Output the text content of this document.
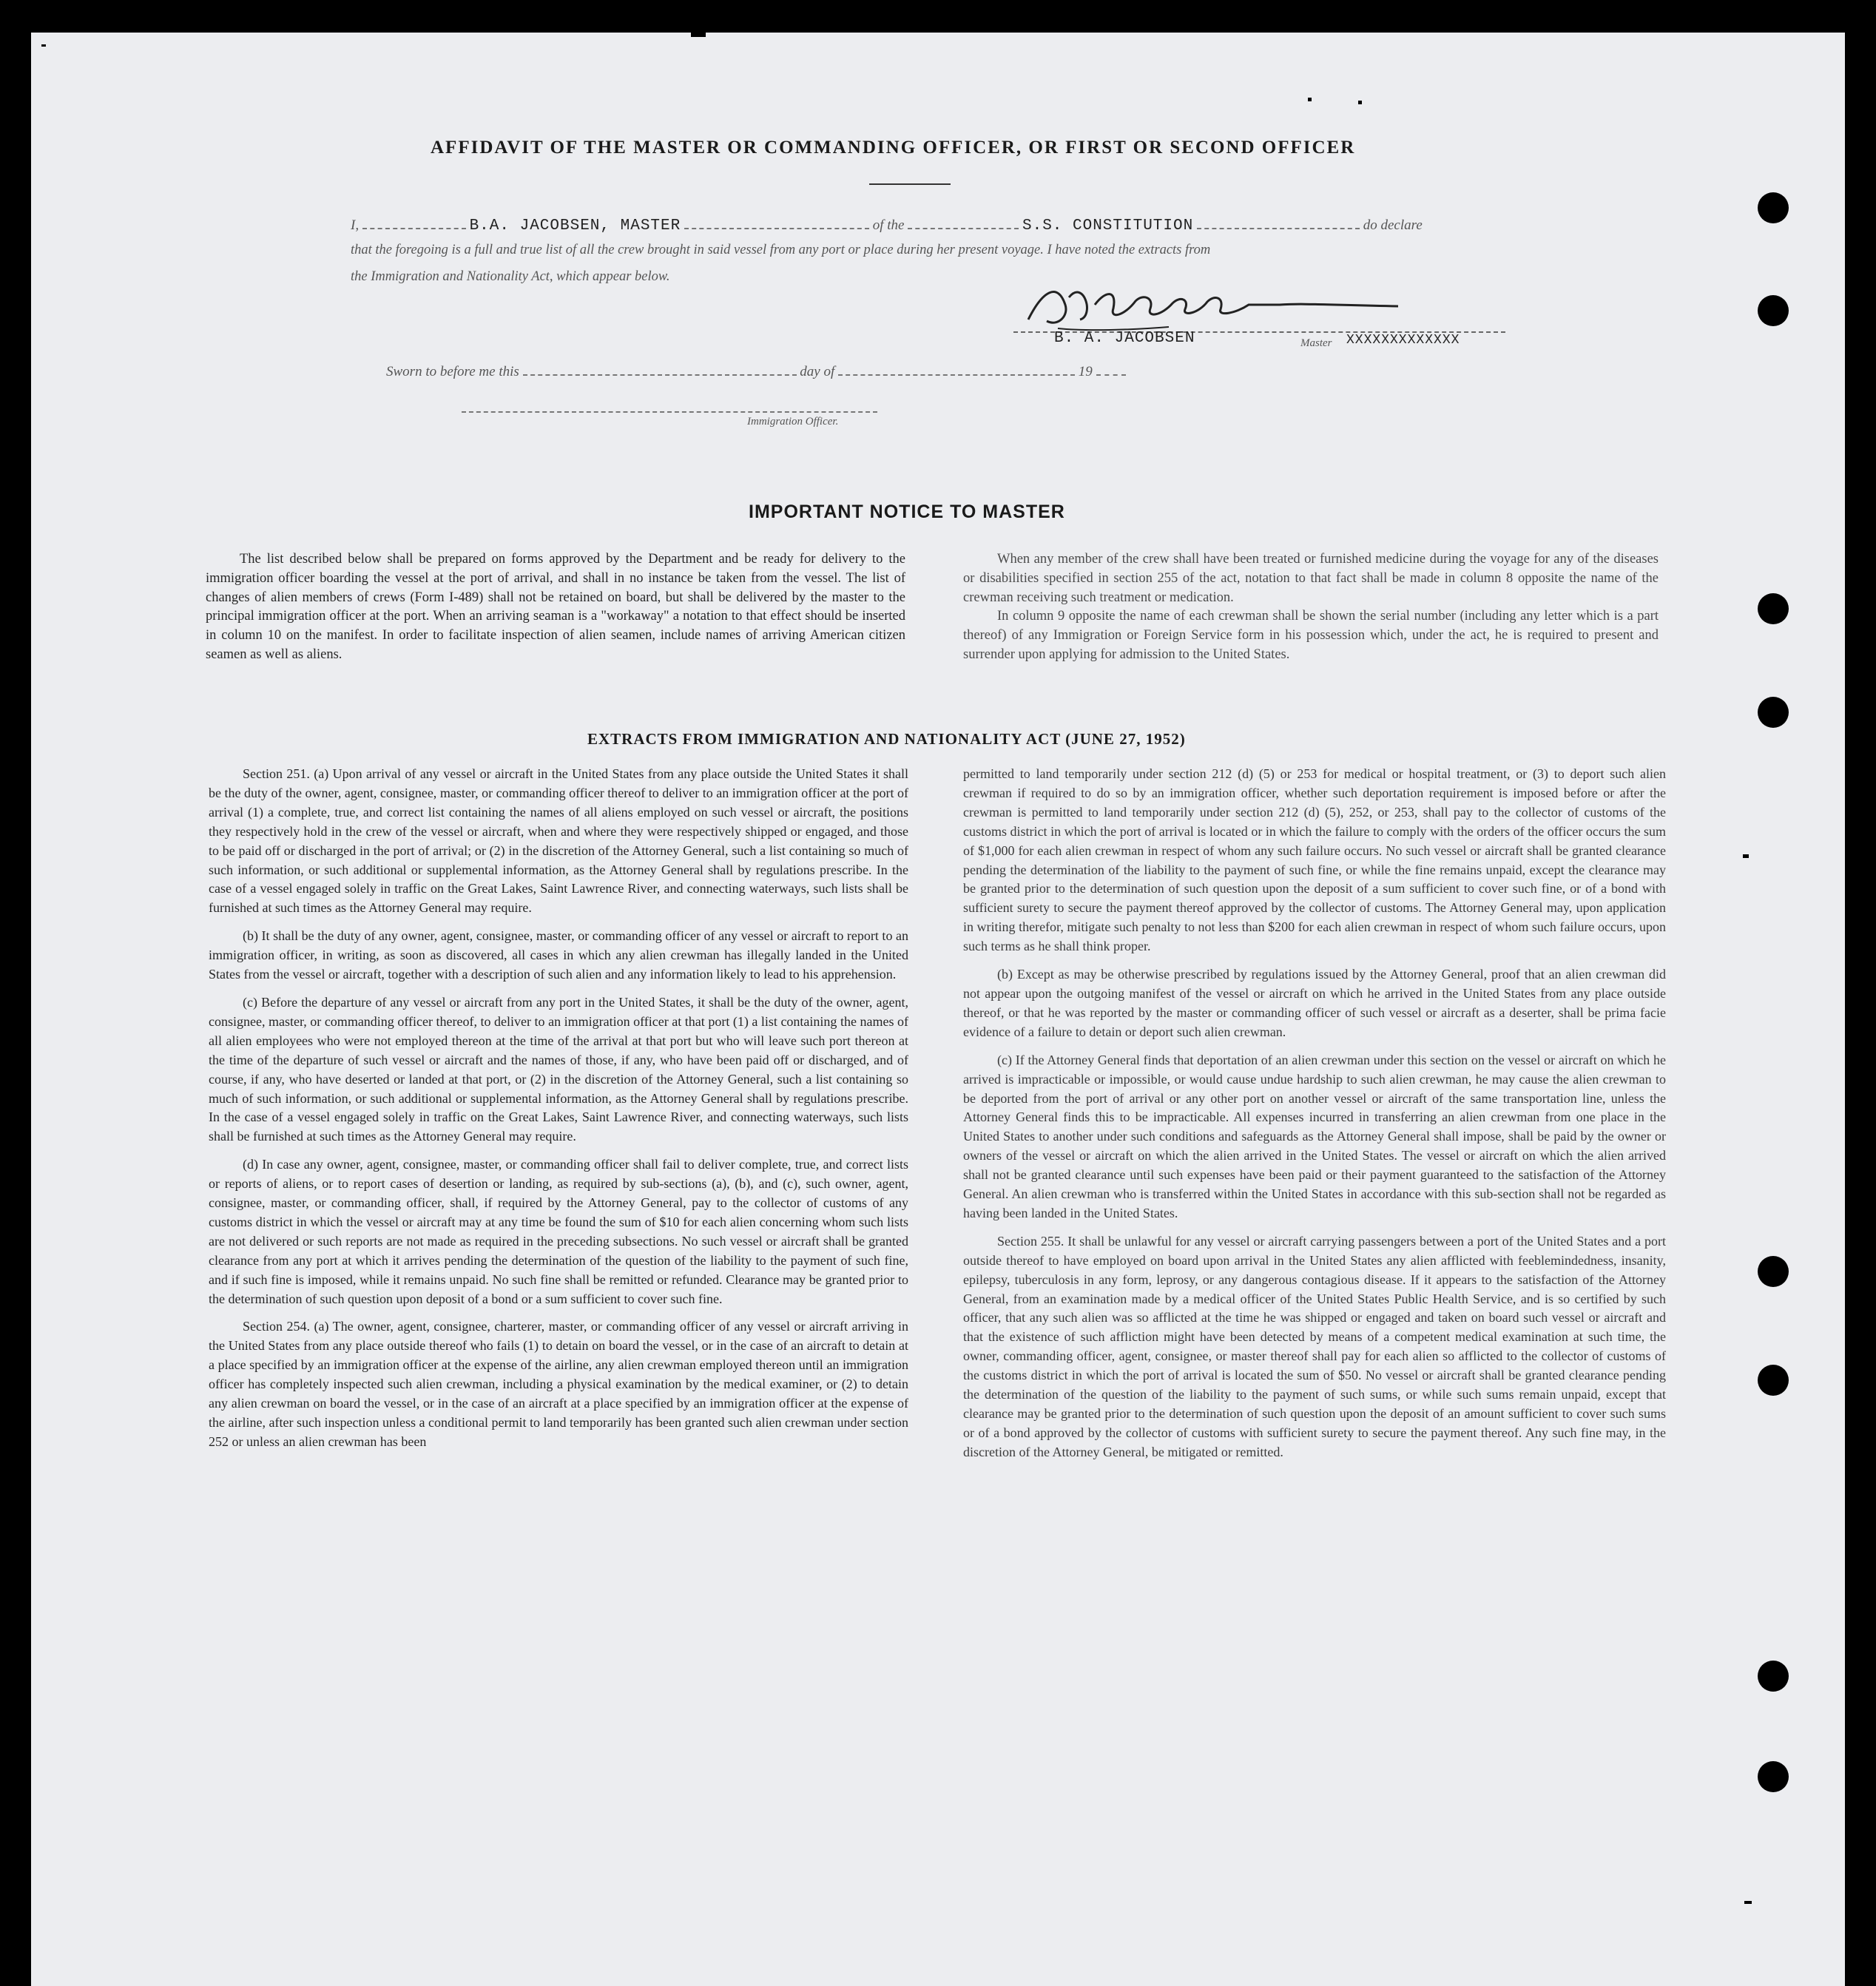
AFFIDAVIT OF THE MASTER OR COMMANDING OFFICER, OR FIRST OR SECOND OFFICER
I,	B.A. JACOBSEN, MASTER	of the	S.S. CONSTITUTION	do declare
that the foregoing is a full and true list of all the crew brought in said vessel from any port or place during her present voyage. I have noted the extracts from
the Immigration and Nationality Act, which appear below.
B. A. JACOBSEN	Master XXXXXXXXXXXXX
Sworn to before me this	day of	19
Immigration Officer.
IMPORTANT NOTICE TO MASTER

The list described below shall be prepared on forms approved by the Department and be ready for delivery to the immigration officer boarding the vessel at the port of arrival, and shall in no instance be taken from the vessel. The list of changes of alien members of crews (Form I-489) shall not be retained on board, but shall be delivered by the master to the principal immigration officer at the port. When an arriving seaman is a "workaway" a notation to that effect should be inserted in column 10 on the manifest. In order to facilitate inspection of alien seamen, include names of arriving American citizen seamen as well as aliens.

When any member of the crew shall have been treated or furnished medicine during the voyage for any of the diseases or disabilities specified in section 255 of the act, notation to that fact shall be made in column 8 opposite the name of the crewman receiving such treatment or medication.

In column 9 opposite the name of each crewman shall be shown the serial number (including any letter which is a part thereof) of any Immigration or Foreign Service form in his possession which, under the act, he is required to present and surrender upon applying for admission to the United States.

EXTRACTS FROM IMMIGRATION AND NATIONALITY ACT (JUNE 27, 1952)

Section 251. (a) Upon arrival of any vessel or aircraft in the United States from any place outside the United States it shall be the duty of the owner, agent, consignee, master, or commanding officer thereof to deliver to an immigration officer at the port of arrival (1) a complete, true, and correct list containing the names of all aliens employed on such vessel or aircraft, the positions they respectively hold in the crew of the vessel or aircraft, when and where they were respectively shipped or engaged, and those to be paid off or discharged in the port of arrival; or (2) in the discretion of the Attorney General, such a list containing so much of such information, or such additional or supplemental information, as the Attorney General shall by regulations prescribe. In the case of a vessel engaged solely in traffic on the Great Lakes, Saint Lawrence River, and connecting waterways, such lists shall be furnished at such times as the Attorney General may require.

(b) It shall be the duty of any owner, agent, consignee, master, or commanding officer of any vessel or aircraft to report to an immigration officer, in writing, as soon as discovered, all cases in which any alien crewman has illegally landed in the United States from the vessel or aircraft, together with a description of such alien and any information likely to lead to his apprehension.

(c) Before the departure of any vessel or aircraft from any port in the United States, it shall be the duty of the owner, agent, consignee, master, or commanding officer thereof, to deliver to an immigration officer at that port (1) a list containing the names of all alien employees who were not employed thereon at the time of the arrival at that port but who will leave such port thereon at the time of the departure of such vessel or aircraft and the names of those, if any, who have been paid off or discharged, and of course, if any, who have deserted or landed at that port, or (2) in the discretion of the Attorney General, such a list containing so much of such information, or such additional or supplemental information, as the Attorney General shall by regulations prescribe. In the case of a vessel engaged solely in traffic on the Great Lakes, Saint Lawrence River, and connecting waterways, such lists shall be furnished at such times as the Attorney General may require.

(d) In case any owner, agent, consignee, master, or commanding officer shall fail to deliver complete, true, and correct lists or reports of aliens, or to report cases of desertion or landing, as required by sub-sections (a), (b), and (c), such owner, agent, consignee, master, or commanding officer, shall, if required by the Attorney General, pay to the collector of customs of any customs district in which the vessel or aircraft may at any time be found the sum of $10 for each alien concerning whom such lists are not delivered or such reports are not made as required in the preceding subsections. No such vessel or aircraft shall be granted clearance from any port at which it arrives pending the determination of the question of the liability to the payment of such fine, and if such fine is imposed, while it remains unpaid. No such fine shall be remitted or refunded. Clearance may be granted prior to the determination of such question upon deposit of a bond or a sum sufficient to cover such fine.

Section 254. (a) The owner, agent, consignee, charterer, master, or commanding officer of any vessel or aircraft arriving in the United States from any place outside thereof who fails (1) to detain on board the vessel, or in the case of an aircraft to detain at a place specified by an immigration officer at the expense of the airline, any alien crewman employed thereon until an immigration officer has completely inspected such alien crewman, including a physical examination by the medical examiner, or (2) to detain any alien crewman on board the vessel, or in the case of an aircraft at a place specified by an immigration officer at the expense of the airline, after such inspection unless a conditional permit to land temporarily has been granted such alien crewman under section 252 or unless an alien crewman has been

permitted to land temporarily under section 212 (d) (5) or 253 for medical or hospital treatment, or (3) to deport such alien crewman if required to do so by an immigration officer, whether such deportation requirement is imposed before or after the crewman is permitted to land temporarily under section 212 (d) (5), 252, or 253, shall pay to the collector of customs of the customs district in which the port of arrival is located or in which the failure to comply with the orders of the officer occurs the sum of $1,000 for each alien crewman in respect of whom any such failure occurs. No such vessel or aircraft shall be granted clearance pending the determination of the liability to the payment of such fine, or while the fine remains unpaid, except the clearance may be granted prior to the determination of such question upon the deposit of a sum sufficient to cover such fine, or of a bond with sufficient surety to secure the payment thereof approved by the collector of customs. The Attorney General may, upon application in writing therefor, mitigate such penalty to not less than $200 for each alien crewman in respect of whom such failure occurs, upon such terms as he shall think proper.

(b) Except as may be otherwise prescribed by regulations issued by the Attorney General, proof that an alien crewman did not appear upon the outgoing manifest of the vessel or aircraft on which he arrived in the United States from any place outside thereof, or that he was reported by the master or commanding officer of such vessel or aircraft as a deserter, shall be prima facie evidence of a failure to detain or deport such alien crewman.

(c) If the Attorney General finds that deportation of an alien crewman under this section on the vessel or aircraft on which he arrived is impracticable or impossible, or would cause undue hardship to such alien crewman, he may cause the alien crewman to be deported from the port of arrival or any other port on another vessel or aircraft of the same transportation line, unless the Attorney General finds this to be impracticable. All expenses incurred in transferring an alien crewman from one place in the United States to another under such conditions and safeguards as the Attorney General shall impose, shall be paid by the owner or owners of the vessel or aircraft on which the alien arrived in the United States. The vessel or aircraft on which the alien arrived shall not be granted clearance until such expenses have been paid or their payment guaranteed to the satisfaction of the Attorney General. An alien crewman who is transferred within the United States in accordance with this sub-section shall not be regarded as having been landed in the United States.

Section 255. It shall be unlawful for any vessel or aircraft carrying passengers between a port of the United States and a port outside thereof to have employed on board upon arrival in the United States any alien afflicted with feeblemindedness, insanity, epilepsy, tuberculosis in any form, leprosy, or any dangerous contagious disease. If it appears to the satisfaction of the Attorney General, from an examination made by a medical officer of the United States Public Health Service, and is so certified by such officer, that any such alien was so afflicted at the time he was shipped or engaged and taken on board such vessel or aircraft and that the existence of such affliction might have been detected by means of a competent medical examination at such time, the owner, commanding officer, agent, consignee, or master thereof shall pay for each alien so afflicted to the collector of customs of the customs district in which the port of arrival is located the sum of $50. No vessel or aircraft shall be granted clearance pending the determination of the question of the liability to the payment of such sums, or while such sums remain unpaid, except that clearance may be granted prior to the determination of such question upon the deposit of an amount sufficient to cover such sums or of a bond approved by the collector of customs with sufficient surety to secure the payment thereof. Any such fine may, in the discretion of the Attorney General, be mitigated or remitted.
